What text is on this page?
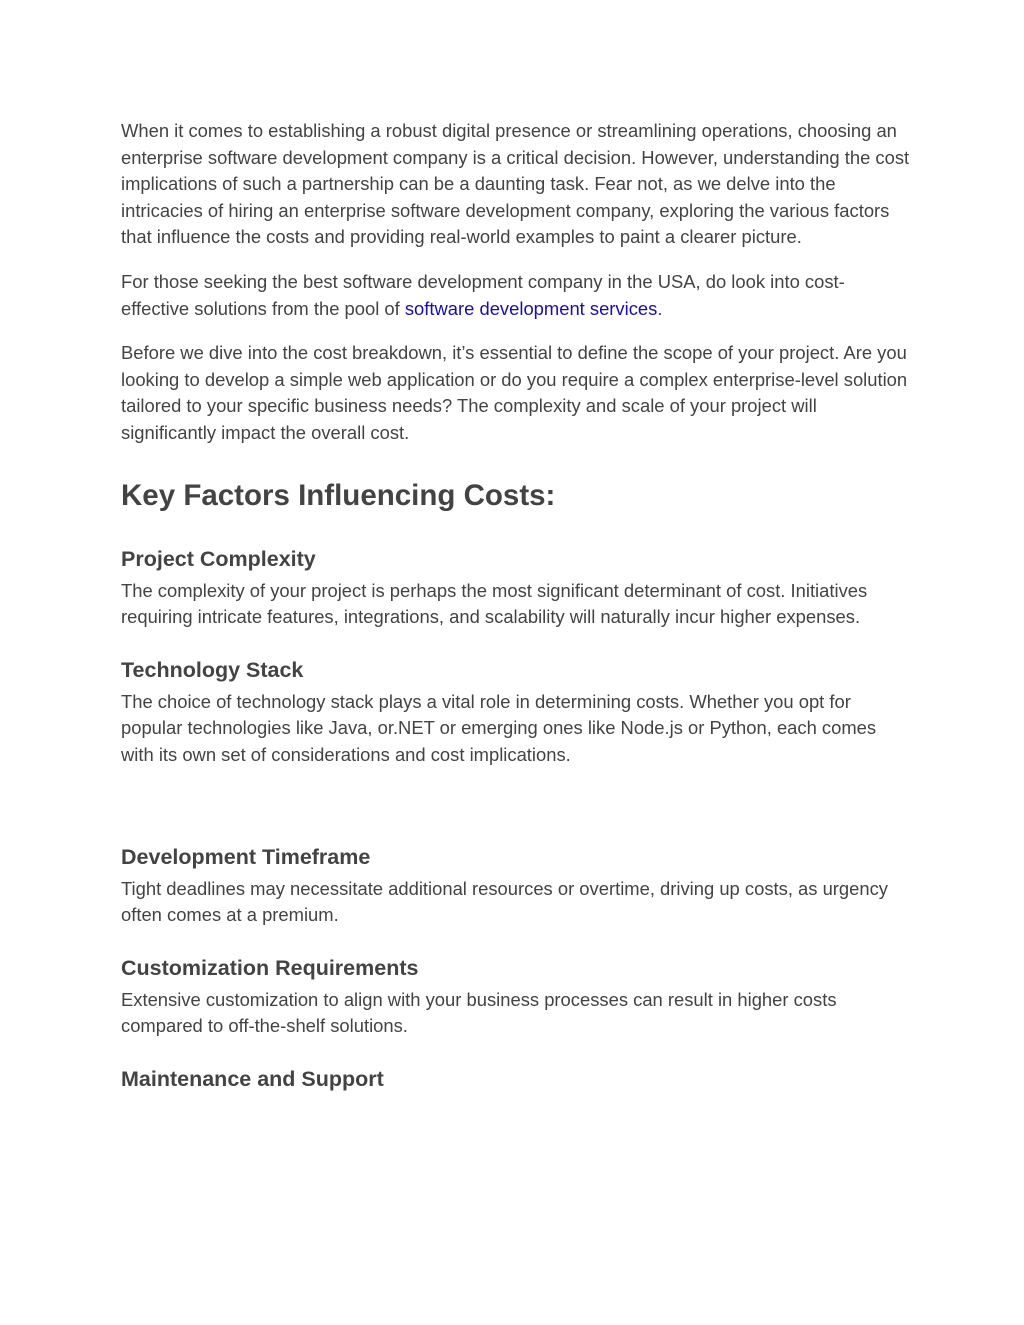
When it comes to establishing a robust digital presence or streamlining operations, choosing an enterprise software development company is a critical decision. However, understanding the cost implications of such a partnership can be a daunting task. Fear not, as we delve into the intricacies of hiring an enterprise software development company, exploring the various factors that influence the costs and providing real-world examples to paint a clearer picture.

For those seeking the best software development company in the USA, do look into cost-effective solutions from the pool of software development services.

Before we dive into the cost breakdown, it’s essential to define the scope of your project. Are you looking to develop a simple web application or do you require a complex enterprise-level solution tailored to your specific business needs? The complexity and scale of your project will significantly impact the overall cost.

Key Factors Influencing Costs:
Project Complexity

The complexity of your project is perhaps the most significant determinant of cost. Initiatives requiring intricate features, integrations, and scalability will naturally incur higher expenses.

Technology Stack

The choice of technology stack plays a vital role in determining costs. Whether you opt for popular technologies like Java, or.NET or emerging ones like Node.js or Python, each comes with its own set of considerations and cost implications.

Development Timeframe

Tight deadlines may necessitate additional resources or overtime, driving up costs, as urgency often comes at a premium.

Customization Requirements

Extensive customization to align with your business processes can result in higher costs compared to off-the-shelf solutions.

Maintenance and Support
